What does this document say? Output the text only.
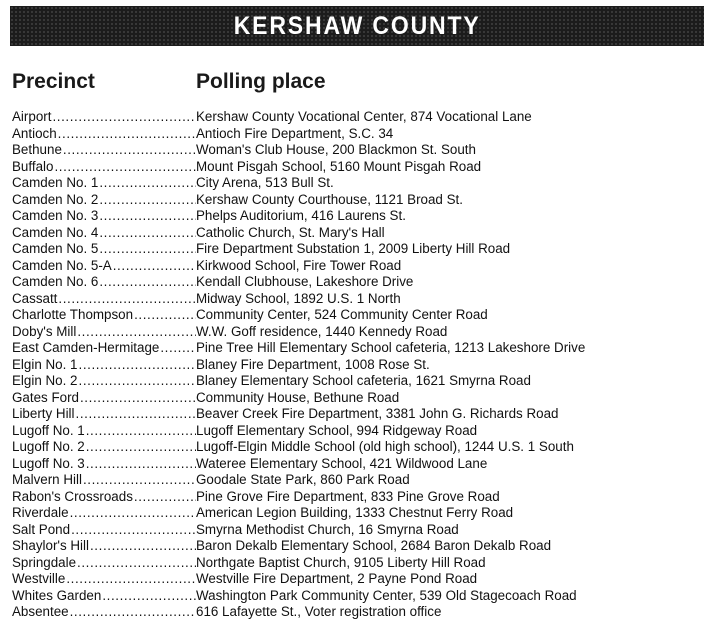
KERSHAW COUNTY
Precinct	Polling place
Airport .....	Kershaw County Vocational Center, 874 Vocational Lane
Antioch .....	Antioch Fire Department, S.C. 34
Bethune .....	Woman's Club House, 200 Blackmon St. South
Buffalo .....	Mount Pisgah School, 5160 Mount Pisgah Road
Camden No. 1 .....	City Arena, 513 Bull St.
Camden No. 2 .....	Kershaw County Courthouse, 1121 Broad St.
Camden No. 3 .....	Phelps Auditorium, 416 Laurens St.
Camden No. 4 .....	Catholic Church, St. Mary's Hall
Camden No. 5 .....	Fire Department Substation 1, 2009 Liberty Hill Road
Camden No. 5-A .....	Kirkwood School, Fire Tower Road
Camden No. 6 .....	Kendall Clubhouse, Lakeshore Drive
Cassatt .....	Midway School, 1892 U.S. 1 North
Charlotte Thompson .....	Community Center, 524 Community Center Road
Doby's Mill .....	W.W. Goff residence, 1440 Kennedy Road
East Camden-Hermitage .....	Pine Tree Hill Elementary School cafeteria, 1213 Lakeshore Drive
Elgin No. 1 .....	Blaney Fire Department, 1008 Rose St.
Elgin No. 2 .....	Blaney Elementary School cafeteria, 1621 Smyrna Road
Gates Ford .....	Community House, Bethune Road
Liberty Hill .....	Beaver Creek Fire Department, 3381 John G. Richards Road
Lugoff No. 1 .....	Lugoff Elementary School, 994 Ridgeway Road
Lugoff No. 2 .....	Lugoff-Elgin Middle School (old high school), 1244 U.S. 1 South
Lugoff No. 3 .....	Wateree Elementary School, 421 Wildwood Lane
Malvern Hill .....	Goodale State Park, 860 Park Road
Rabon's Crossroads .....	Pine Grove Fire Department, 833 Pine Grove Road
Riverdale .....	American Legion Building, 1333 Chestnut Ferry Road
Salt Pond .....	Smyrna Methodist Church, 16 Smyrna Road
Shaylor's Hill .....	Baron Dekalb Elementary School, 2684 Baron Dekalb Road
Springdale .....	Northgate Baptist Church, 9105 Liberty Hill Road
Westville .....	Westville Fire Department, 2 Payne Pond Road
Whites Garden .....	Washington Park Community Center, 539 Old Stagecoach Road
Absentee .....	616 Lafayette St., Voter registration office
